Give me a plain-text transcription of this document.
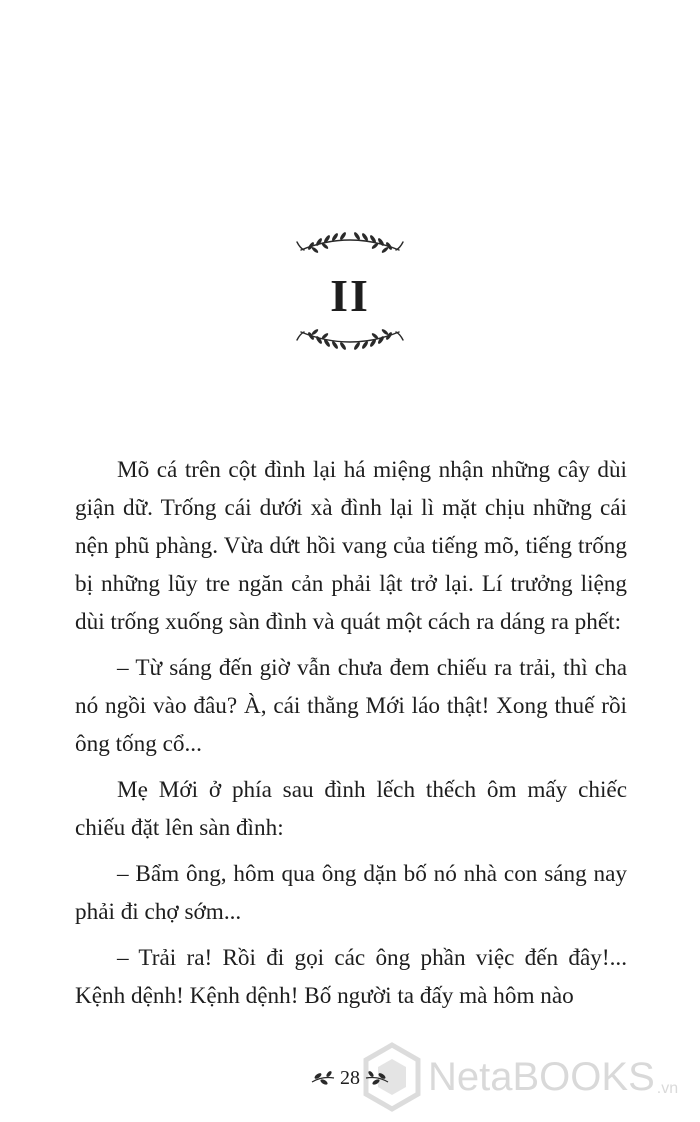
II

Mõ cá trên cột đình lại há miệng nhận những cây dùi giận dữ. Trống cái dưới xà đình lại lì mặt chịu những cái nện phũ phàng. Vừa dứt hồi vang của tiếng mõ, tiếng trống bị những lũy tre ngăn cản phải lật trở lại. Lí trưởng liệng dùi trống xuống sàn đình và quát một cách ra dáng ra phết:

– Từ sáng đến giờ vẫn chưa đem chiếu ra trải, thì cha nó ngồi vào đâu? À, cái thằng Mới láo thật! Xong thuế rồi ông tống cổ...

Mẹ Mới ở phía sau đình lếch thếch ôm mấy chiếc chiếu đặt lên sàn đình:

– Bẩm ông, hôm qua ông dặn bố nó nhà con sáng nay phải đi chợ sớm...

– Trải ra! Rồi đi gọi các ông phần việc đến đây!... Kệnh dệnh! Kệnh dệnh! Bố người ta đấy mà hôm nào

NetaBOOKS .vn
28
